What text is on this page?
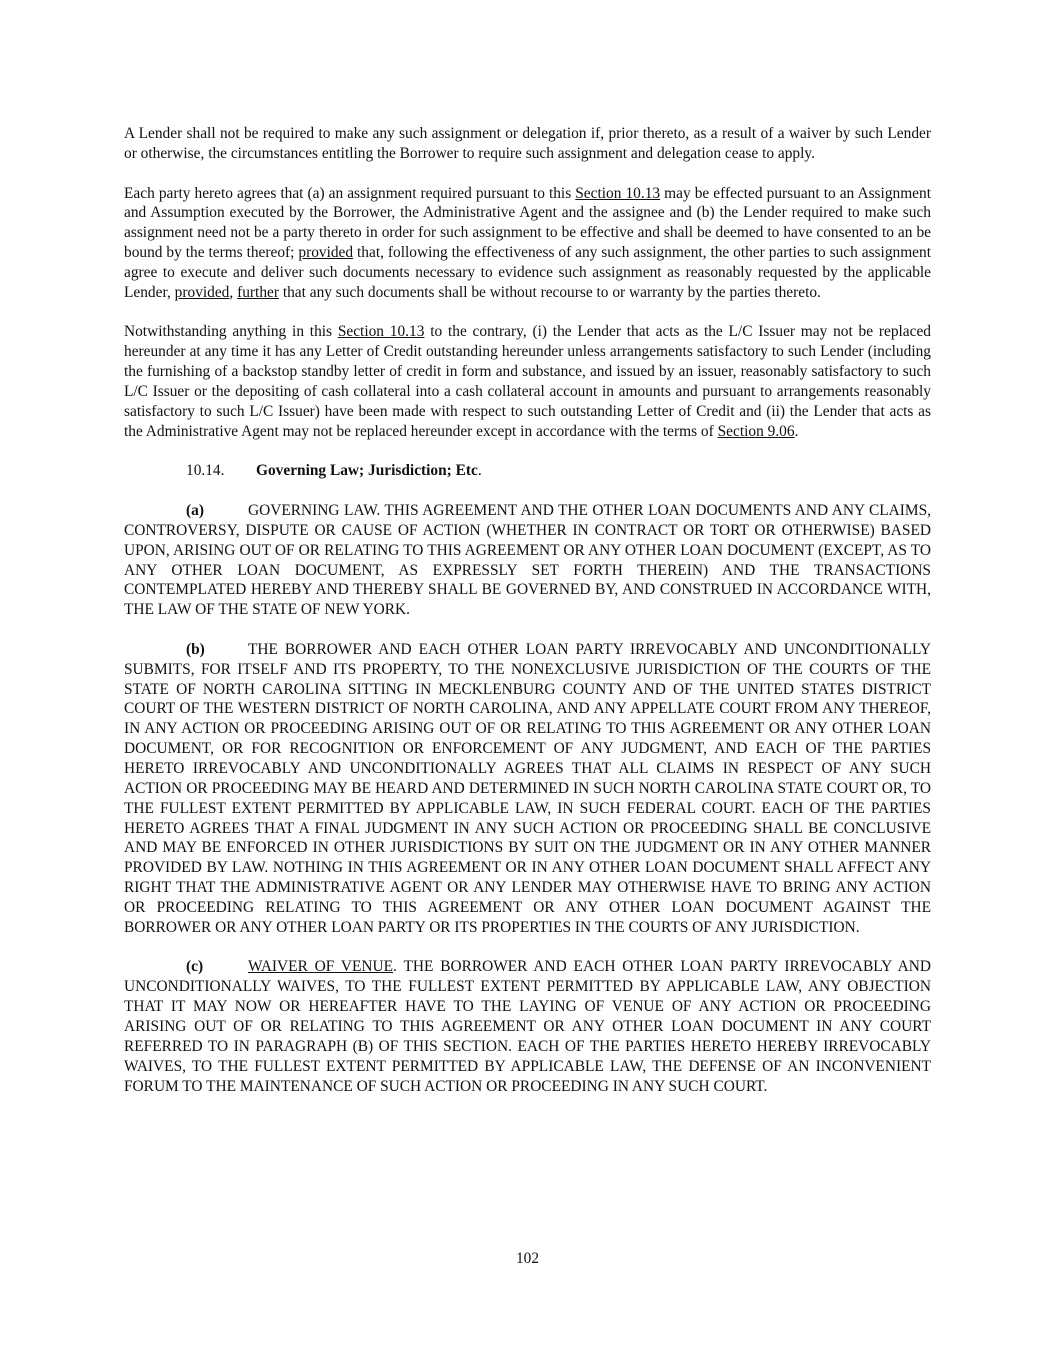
A Lender shall not be required to make any such assignment or delegation if, prior thereto, as a result of a waiver by such Lender or otherwise, the circumstances entitling the Borrower to require such assignment and delegation cease to apply.

Each party hereto agrees that (a) an assignment required pursuant to this Section 10.13 may be effected pursuant to an Assignment and Assumption executed by the Borrower, the Administrative Agent and the assignee and (b) the Lender required to make such assignment need not be a party thereto in order for such assignment to be effective and shall be deemed to have consented to an be bound by the terms thereof; provided that, following the effectiveness of any such assignment, the other parties to such assignment agree to execute and deliver such documents necessary to evidence such assignment as reasonably requested by the applicable Lender, provided, further that any such documents shall be without recourse to or warranty by the parties thereto.

Notwithstanding anything in this Section 10.13 to the contrary, (i) the Lender that acts as the L/C Issuer may not be replaced hereunder at any time it has any Letter of Credit outstanding hereunder unless arrangements satisfactory to such Lender (including the furnishing of a backstop standby letter of credit in form and substance, and issued by an issuer, reasonably satisfactory to such L/C Issuer or the depositing of cash collateral into a cash collateral account in amounts and pursuant to arrangements reasonably satisfactory to such L/C Issuer) have been made with respect to such outstanding Letter of Credit and (ii) the Lender that acts as the Administrative Agent may not be replaced hereunder except in accordance with the terms of Section 9.06.

10.14. Governing Law; Jurisdiction; Etc.

(a)	GOVERNING LAW. THIS AGREEMENT AND THE OTHER LOAN DOCUMENTS AND ANY CLAIMS, CONTROVERSY, DISPUTE OR CAUSE OF ACTION (WHETHER IN CONTRACT OR TORT OR OTHERWISE) BASED UPON, ARISING OUT OF OR RELATING TO THIS AGREEMENT OR ANY OTHER LOAN DOCUMENT (EXCEPT, AS TO ANY OTHER LOAN DOCUMENT, AS EXPRESSLY SET FORTH THEREIN) AND THE TRANSACTIONS CONTEMPLATED HEREBY AND THEREBY SHALL BE GOVERNED BY, AND CONSTRUED IN ACCORDANCE WITH, THE LAW OF THE STATE OF NEW YORK.

(b)	THE BORROWER AND EACH OTHER LOAN PARTY IRREVOCABLY AND UNCONDITIONALLY SUBMITS, FOR ITSELF AND ITS PROPERTY, TO THE NONEXCLUSIVE JURISDICTION OF THE COURTS OF THE STATE OF NORTH CAROLINA SITTING IN MECKLENBURG COUNTY AND OF THE UNITED STATES DISTRICT COURT OF THE WESTERN DISTRICT OF NORTH CAROLINA, AND ANY APPELLATE COURT FROM ANY THEREOF, IN ANY ACTION OR PROCEEDING ARISING OUT OF OR RELATING TO THIS AGREEMENT OR ANY OTHER LOAN DOCUMENT, OR FOR RECOGNITION OR ENFORCEMENT OF ANY JUDGMENT, AND EACH OF THE PARTIES HERETO IRREVOCABLY AND UNCONDITIONALLY AGREES THAT ALL CLAIMS IN RESPECT OF ANY SUCH ACTION OR PROCEEDING MAY BE HEARD AND DETERMINED IN SUCH NORTH CAROLINA STATE COURT OR, TO THE FULLEST EXTENT PERMITTED BY APPLICABLE LAW, IN SUCH FEDERAL COURT. EACH OF THE PARTIES HERETO AGREES THAT A FINAL JUDGMENT IN ANY SUCH ACTION OR PROCEEDING SHALL BE CONCLUSIVE AND MAY BE ENFORCED IN OTHER JURISDICTIONS BY SUIT ON THE JUDGMENT OR IN ANY OTHER MANNER PROVIDED BY LAW. NOTHING IN THIS AGREEMENT OR IN ANY OTHER LOAN DOCUMENT SHALL AFFECT ANY RIGHT THAT THE ADMINISTRATIVE AGENT OR ANY LENDER MAY OTHERWISE HAVE TO BRING ANY ACTION OR PROCEEDING RELATING TO THIS AGREEMENT OR ANY OTHER LOAN DOCUMENT AGAINST THE BORROWER OR ANY OTHER LOAN PARTY OR ITS PROPERTIES IN THE COURTS OF ANY JURISDICTION.

(c)	WAIVER OF VENUE. THE BORROWER AND EACH OTHER LOAN PARTY IRREVOCABLY AND UNCONDITIONALLY WAIVES, TO THE FULLEST EXTENT PERMITTED BY APPLICABLE LAW, ANY OBJECTION THAT IT MAY NOW OR HEREAFTER HAVE TO THE LAYING OF VENUE OF ANY ACTION OR PROCEEDING ARISING OUT OF OR RELATING TO THIS AGREEMENT OR ANY OTHER LOAN DOCUMENT IN ANY COURT REFERRED TO IN PARAGRAPH (B) OF THIS SECTION. EACH OF THE PARTIES HERETO HEREBY IRREVOCABLY WAIVES, TO THE FULLEST EXTENT PERMITTED BY APPLICABLE LAW, THE DEFENSE OF AN INCONVENIENT FORUM TO THE MAINTENANCE OF SUCH ACTION OR PROCEEDING IN ANY SUCH COURT.

102
